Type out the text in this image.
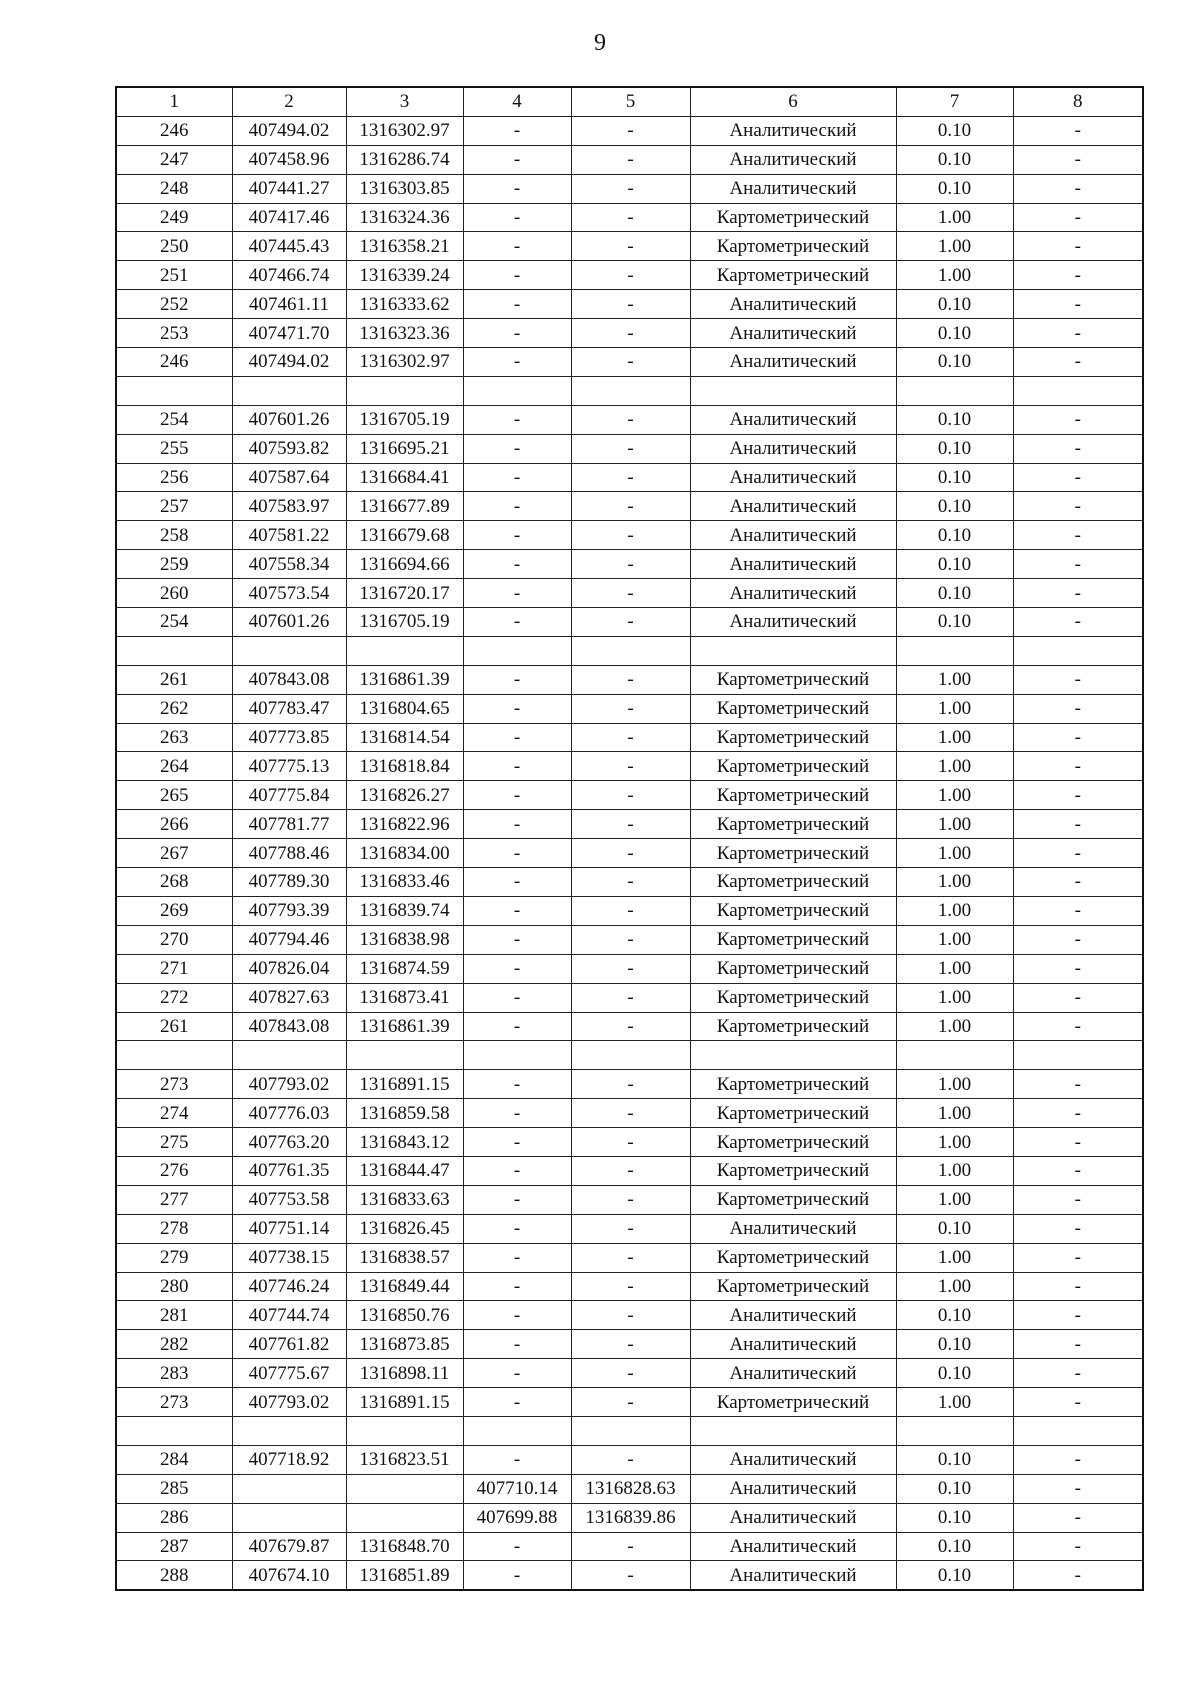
9
1	2	3	4	5	6	7	8
246	407494.02	1316302.97	-	-	Аналитический	0.10	-
247	407458.96	1316286.74	-	-	Аналитический	0.10	-
248	407441.27	1316303.85	-	-	Аналитический	0.10	-
249	407417.46	1316324.36	-	-	Картометрический	1.00	-
250	407445.43	1316358.21	-	-	Картометрический	1.00	-
251	407466.74	1316339.24	-	-	Картометрический	1.00	-
252	407461.11	1316333.62	-	-	Аналитический	0.10	-
253	407471.70	1316323.36	-	-	Аналитический	0.10	-
246	407494.02	1316302.97	-	-	Аналитический	0.10	-

254	407601.26	1316705.19	-	-	Аналитический	0.10	-
255	407593.82	1316695.21	-	-	Аналитический	0.10	-
256	407587.64	1316684.41	-	-	Аналитический	0.10	-
257	407583.97	1316677.89	-	-	Аналитический	0.10	-
258	407581.22	1316679.68	-	-	Аналитический	0.10	-
259	407558.34	1316694.66	-	-	Аналитический	0.10	-
260	407573.54	1316720.17	-	-	Аналитический	0.10	-
254	407601.26	1316705.19	-	-	Аналитический	0.10	-

261	407843.08	1316861.39	-	-	Картометрический	1.00	-
262	407783.47	1316804.65	-	-	Картометрический	1.00	-
263	407773.85	1316814.54	-	-	Картометрический	1.00	-
264	407775.13	1316818.84	-	-	Картометрический	1.00	-
265	407775.84	1316826.27	-	-	Картометрический	1.00	-
266	407781.77	1316822.96	-	-	Картометрический	1.00	-
267	407788.46	1316834.00	-	-	Картометрический	1.00	-
268	407789.30	1316833.46	-	-	Картометрический	1.00	-
269	407793.39	1316839.74	-	-	Картометрический	1.00	-
270	407794.46	1316838.98	-	-	Картометрический	1.00	-
271	407826.04	1316874.59	-	-	Картометрический	1.00	-
272	407827.63	1316873.41	-	-	Картометрический	1.00	-
261	407843.08	1316861.39	-	-	Картометрический	1.00	-

273	407793.02	1316891.15	-	-	Картометрический	1.00	-
274	407776.03	1316859.58	-	-	Картометрический	1.00	-
275	407763.20	1316843.12	-	-	Картометрический	1.00	-
276	407761.35	1316844.47	-	-	Картометрический	1.00	-
277	407753.58	1316833.63	-	-	Картометрический	1.00	-
278	407751.14	1316826.45	-	-	Аналитический	0.10	-
279	407738.15	1316838.57	-	-	Картометрический	1.00	-
280	407746.24	1316849.44	-	-	Картометрический	1.00	-
281	407744.74	1316850.76	-	-	Аналитический	0.10	-
282	407761.82	1316873.85	-	-	Аналитический	0.10	-
283	407775.67	1316898.11	-	-	Аналитический	0.10	-
273	407793.02	1316891.15	-	-	Картометрический	1.00	-

284	407718.92	1316823.51	-	-	Аналитический	0.10	-
285			407710.14	1316828.63	Аналитический	0.10	-
286			407699.88	1316839.86	Аналитический	0.10	-
287	407679.87	1316848.70	-	-	Аналитический	0.10	-
288	407674.10	1316851.89	-	-	Аналитический	0.10	-
